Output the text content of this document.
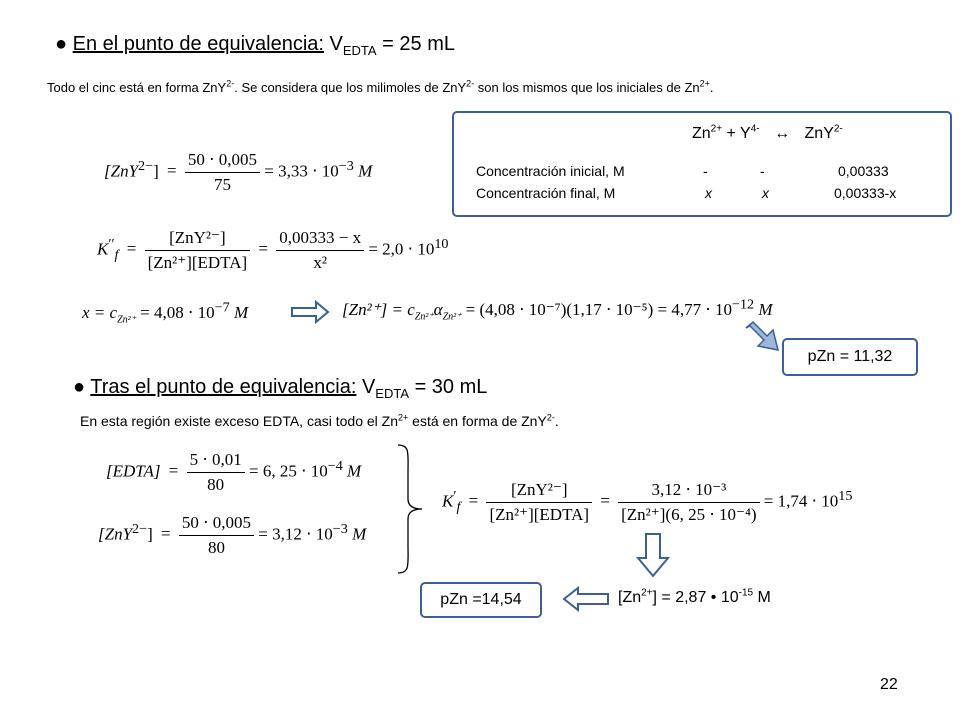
● En el punto de equivalencia: $V_{EDTA} = 25$ mL
Todo el cinc está en forma ZnY$^{2-}$. Se considera que los milimoles de ZnY$^{2-}$ son los mismos que los iniciales de $Zn^{2+}$.
$Zn^{2+} + Y^{4-}$ ↔ ZnY$^{2-}$
Concentración inicial, M	-	-	0,00333
Concentración final, M	x	x	0,00333-x
$[ZnY^{2-}] = \frac{50 \cdot 0,005}{75} = 3,33 \cdot 10^{-3}$ M
$K''_f = \frac{\text{[ZnY²⁻]}}{\text{[Zn²⁺][EDTA]}} = \frac{0,00333 - x}{\text{x²}} = 2,0 \cdot 10^{10}$
$x = c_{Zn^{2+}} = 4,08 \cdot 10^{-7}$ M	$[Zn^{2+}] = c_{Zn^{2+}}\alpha_{Zn^{2+}} = (4,08 \cdot 10^{-7})(1,17 \cdot 10^{-5}) = 4,77 \cdot 10^{-12}$ M
pZn = 11,32
● Tras el punto de equivalencia: $V_{EDTA} = 30$ mL
En esta región existe exceso EDTA, casi todo el $Zn^{2+}$ está en forma de ZnY$^{2-}$.
[EDTA] = $\frac{5 \cdot 0,01}{80} = 6$, $25 \cdot 10^{-4}$ M
$[ZnY^{2-}] = \frac{50 \cdot 0,005}{80} = 3,12 \cdot 10^{-3}$ M
$K'_f = \frac{\text{[ZnY²⁻]}}{\text{[Zn²⁺][EDTA]}} = \frac{\text{3,12 ⋅ 10⁻³}}{\text{[Zn²⁺](6, 25 ⋅ 10⁻⁴)}} = 1,74 \cdot 10^{15}$
pZn =14,54	$[Zn^{2+}] = 2,87$ • $10^{-15}$ M
22
